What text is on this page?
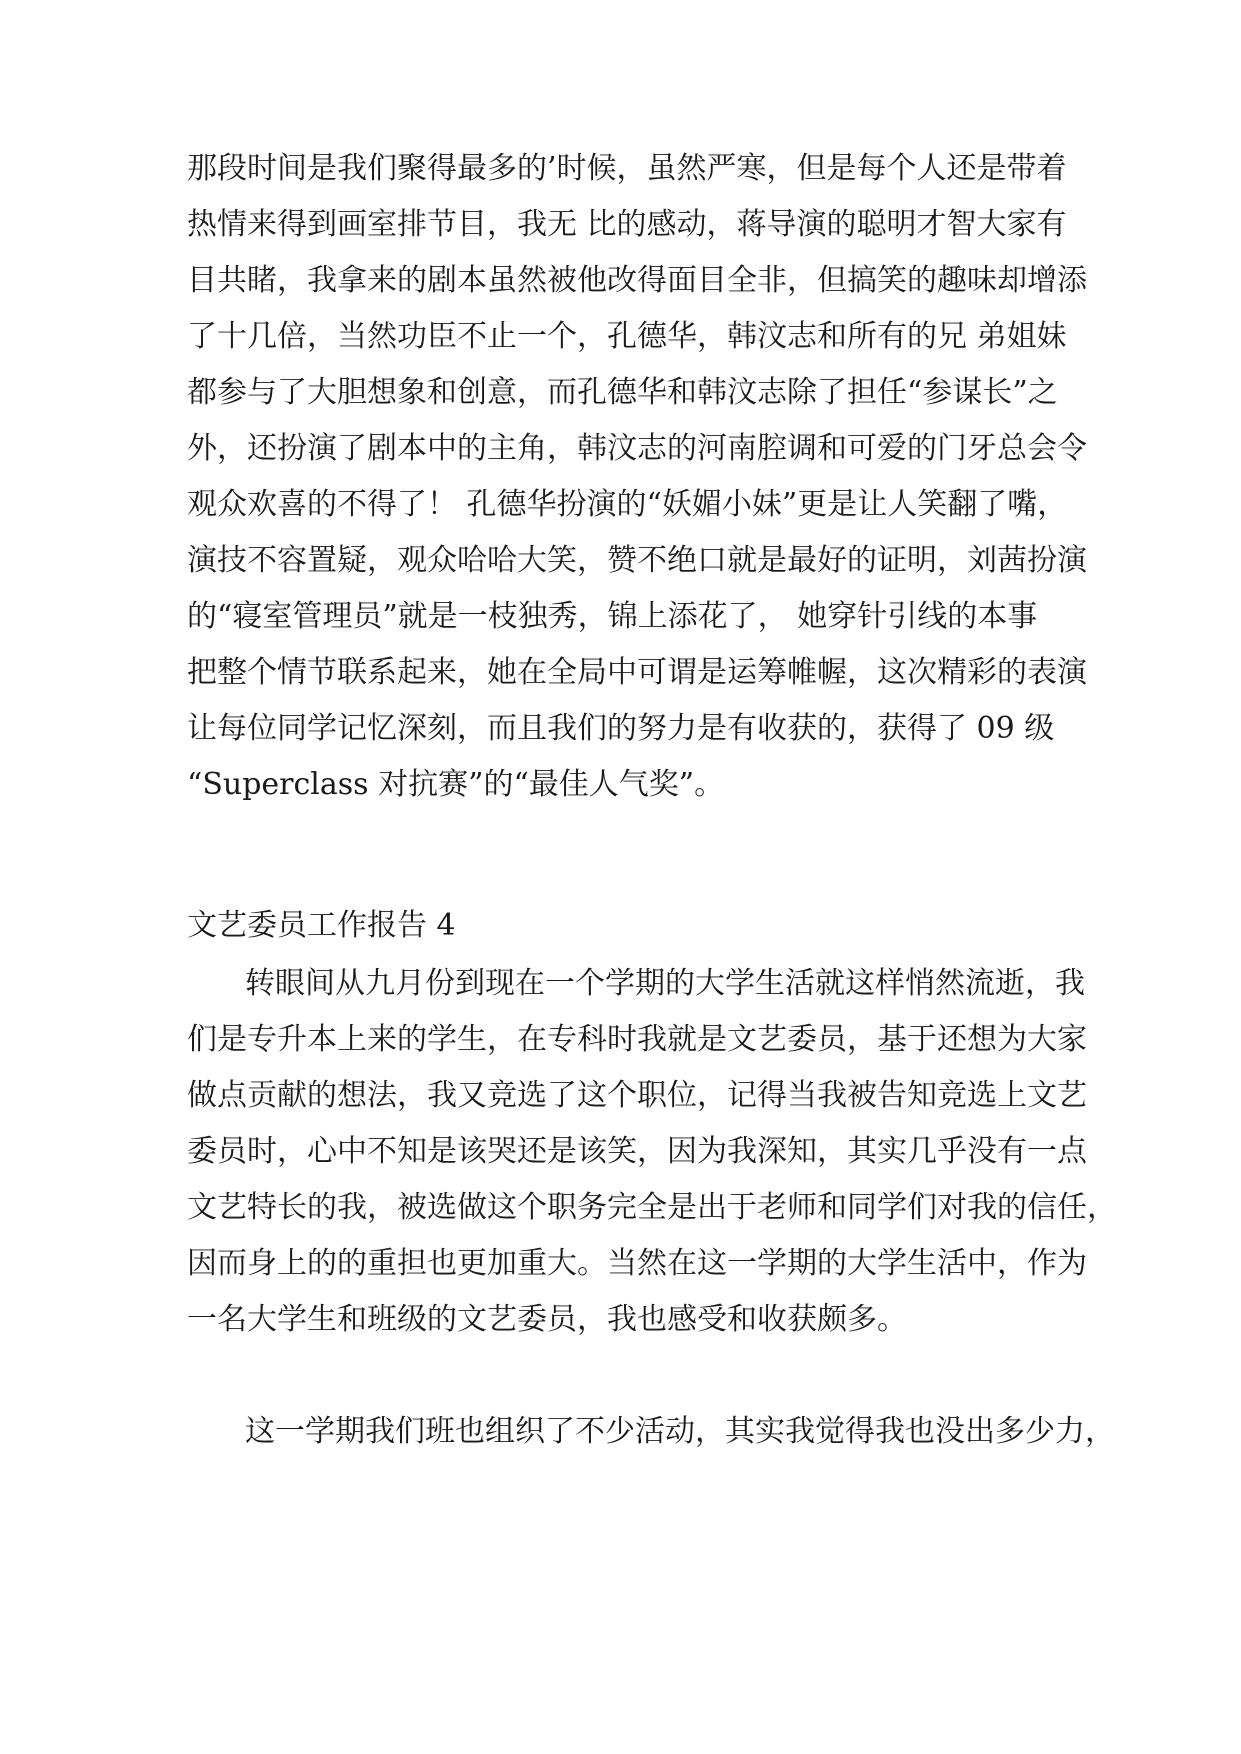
那段时间是我们聚得最多的’时候，虽然严寒，但是每个人还是带着
热情来得到画室排节目，我无 比的感动，蒋导演的聪明才智大家有
目共睹，我拿来的剧本虽然被他改得面目全非，但搞笑的趣味却增添
了十几倍，当然功臣不止一个，孔德华，韩汶志和所有的兄 弟姐妹
都参与了大胆想象和创意，而孔德华和韩汶志除了担任“参谋长”之
外，还扮演了剧本中的主角，韩汶志的河南腔调和可爱的门牙总会令
观众欢喜的不得了！ 孔德华扮演的“妖媚小妹”更是让人笑翻了嘴，
演技不容置疑，观众哈哈大笑，赞不绝口就是最好的证明，刘茜扮演
的“寝室管理员”就是一枝独秀，锦上添花了， 她穿针引线的本事
把整个情节联系起来，她在全局中可谓是运筹帷幄，这次精彩的表演
让每位同学记忆深刻，而且我们的努力是有收获的，获得了 09 级
“Superclass 对抗赛”的“最佳人气奖”。
文艺委员工作报告 4
转眼间从九月份到现在一个学期的大学生活就这样悄然流逝，我
们是专升本上来的学生，在专科时我就是文艺委员，基于还想为大家
做点贡献的想法，我又竞选了这个职位，记得当我被告知竞选上文艺
委员时，心中不知是该哭还是该笑，因为我深知，其实几乎没有一点
文艺特长的我，被选做这个职务完全是出于老师和同学们对我的信任，
因而身上的的重担也更加重大。当然在这一学期的大学生活中，作为
一名大学生和班级的文艺委员，我也感受和收获颇多。
这一学期我们班也组织了不少活动，其实我觉得我也没出多少力，
